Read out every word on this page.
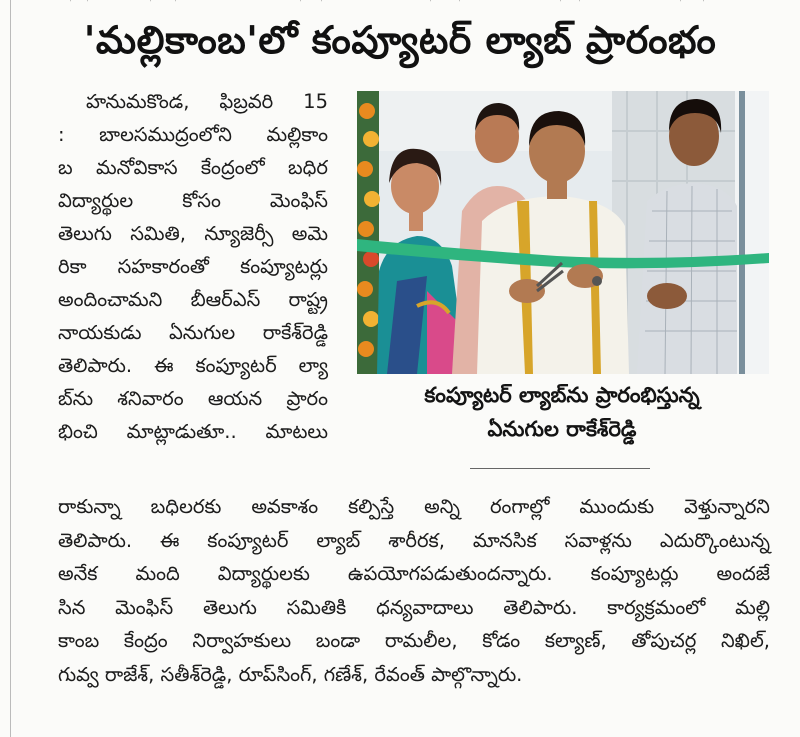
'మల్లికాంబ'లో కంప్యూటర్ ల్యాబ్ ప్రారంభం
హనుమకొండ, ఫిబ్రవరి 15
: బాలసముద్రంలోని మల్లికాం
బ మనోవికాస కేంద్రంలో బధిర
విద్యార్థుల కోసం మెంఫిస్
తెలుగు సమితి, న్యూజెర్సీ అమె
రికా సహకారంతో కంప్యూటర్లు
అందించామని బీఆర్ఎస్ రాష్ట్ర
నాయకుడు ఏనుగుల రాకేశ్‌రెడ్డి
తెలిపారు. ఈ కంప్యూటర్ ల్యా
బ్‌ను శనివారం ఆయన ప్రారం
భించి మాట్లాడుతూ.. మాటలు
కంప్యూటర్ ల్యాబ్‌ను ప్రారంభిస్తున్న
ఏనుగుల రాకేశ్‌రెడ్డి
రాకున్నా బధిలరకు అవకాశం కల్పిస్తే అన్ని రంగాల్లో ముందుకు వెళ్తున్నారని
తెలిపారు. ఈ కంప్యూటర్ ల్యాబ్ శారీరక, మానసిక సవాళ్లను ఎదుర్కొంటున్న
అనేక మంది విద్యార్థులకు ఉపయోగపడుతుందన్నారు. కంప్యూటర్లు అందజే
సిన మెంఫిస్ తెలుగు సమితికి ధన్యవాదాలు తెలిపారు. కార్యక్రమంలో మల్లి
కాంబ కేంద్రం నిర్వాహకులు బండా రామలీల, కోడం కల్యాణ్, తోపుచర్ల నిఖిల్,
గువ్వ రాజేశ్, సతీశ్‌రెడ్డి, రూప్‌సింగ్, గణేశ్, రేవంత్ పాల్గొన్నారు.
